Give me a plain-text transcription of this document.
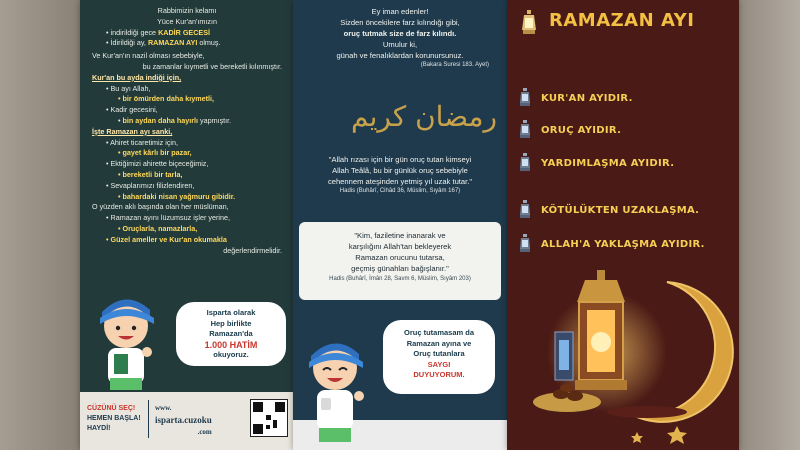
Rabbimizin kelamı
Yüce Kur'an'ımızın
• indirildiği gece KADİR GECESİ
• İdirildiği ay, RAMAZAN AYI olmuş.
Ve Kur'an'ın nazil olması sebebiyle,
bu zamanlar kıymetli ve bereketli kılınmıştır.
Kur'an bu ayda indiği için,
• Bu ayı Allah,
• bir ömürden daha kıymetli,
• Kadir gecesini,
• bin aydan daha hayırlı yapmıştır.
İşte Ramazan ayı sanki,
• Ahiret ticaretimiz için,
• gayet kârlı bir pazar,
• Ektiğimizi ahirette biçeceğimiz,
• bereketli bir tarla,
• Sevaplarımızı filizlendiren,
• bahardaki nisan yağmuru gibidir.
O yüzden aklı başında olan her müslüman,
• Ramazan ayını lüzumsuz işler yerine,
• Oruçlarla, namazlarla,
• Güzel ameller ve Kur'an okumakla
değerlendirmelidir.
Isparta olarak
Hep birlikte
Ramazan'da
1.000 HATİM
okuyoruz.
CÜZÜNÜ SEÇ!
HEMEN BAŞLA!
HAYDİ!
www.
isparta.cuzoku
.com
Ey iman edenler!
Sizden öncekilere farz kılındığı gibi,
oruç tutmak size de farz kılındı.
Umulur ki,
günah ve fenalıklardan korunursunuz.
(Bakara Suresi 183. Ayet)
رمضان كريم
"Allah rızası için bir gün oruç tutan kimseyi
Allah Teâlâ, bu bir günlük oruç sebebiyle
cehennem ateşinden yetmiş yıl uzak tutar."
Hadis (Buhârî, Cihâd 36, Müslim, Sıyâm 167)
"Kim, faziletine inanarak ve
karşılığını Allah'tan bekleyerek
Ramazan orucunu tutarsa,
geçmiş günahları bağışlanır."
Hadis (Buhârî, İmân 28, Savm 6, Müslim, Sıyâm 203)
Oruç tutamasam da
Ramazan ayına ve
Oruç tutanlara
SAYGI
DUYUYORUM.
RAMAZAN AYI
KUR'AN AYIDIR.
ORUÇ AYIDIR.
YARDIMLAŞMA AYIDIR.
KÖTÜLÜKTEN UZAKLAŞMA.
ALLAH'A YAKLAŞMA AYIDIR.
